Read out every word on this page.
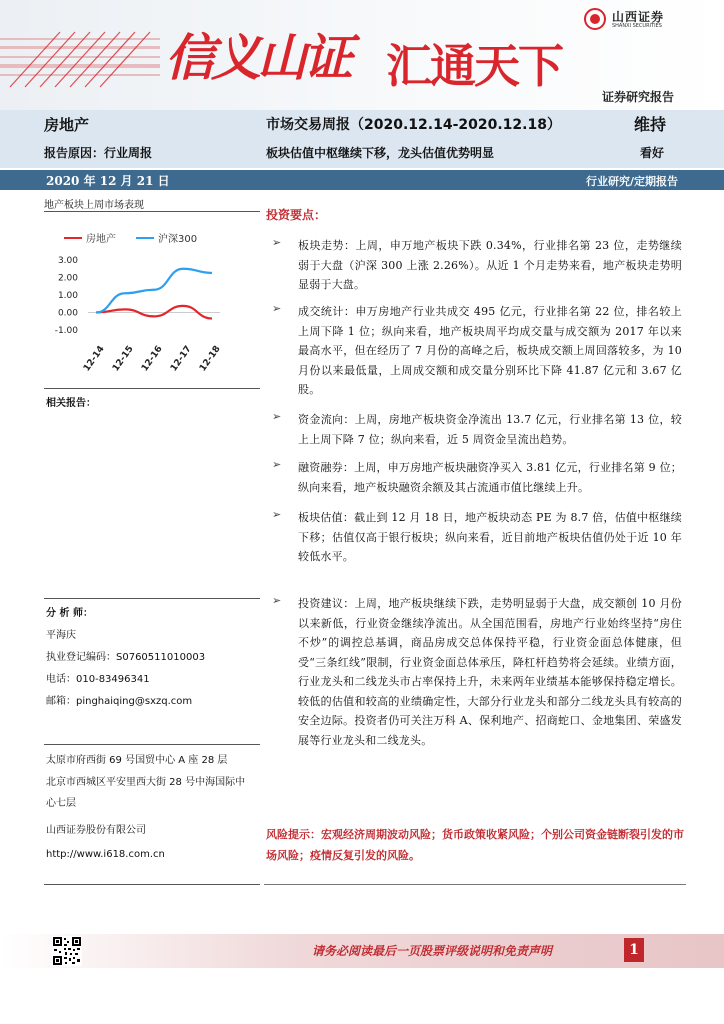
信义山证 汇通天下
山西证券
SHANXI SECURITIES
证券研究报告
房地产
报告原因：行业周报
市场交易周报（2020.12.14-2020.12.18）
板块估值中枢继续下移，龙头估值优势明显
维持
看好
2020 年 12 月 21 日	行业研究/定期报告
地产板块上周市场表现
房地产	沪深300
3.00
2.00
1.00
0.00
-1.00
12-14 12-15 12-16 12-17 12-18
相关报告：
分 析 师：
平海庆
执业登记编码：S0760511010003
电话：010-83496341
邮箱：pinghaiqing@sxzq.com
太原市府西街 69 号国贸中心 A 座 28 层
北京市西城区平安里西大街 28 号中海国际中心七层
山西证券股份有限公司
http://www.i618.com.cn
投资要点：
➢ 板块走势：上周，申万地产板块下跌 0.34%，行业排名第 23 位，走势继续弱于大盘（沪深 300 上涨 2.26%）。从近 1 个月走势来看，地产板块走势明显弱于大盘。
➢ 成交统计：申万房地产行业共成交 495 亿元，行业排名第 22 位，排名较上上周下降 1 位；纵向来看，地产板块周平均成交量与成交额为 2017 年以来最高水平，但在经历了 7 月份的高峰之后，板块成交额上周回落较多，为 10 月份以来最低量，上周成交额和成交量分别环比下降 41.87 亿元和 3.67 亿股。
➢ 资金流向：上周，房地产板块资金净流出 13.7 亿元，行业排名第 13 位，较上上周下降 7 位；纵向来看，近 5 周资金呈流出趋势。
➢ 融资融券：上周，申万房地产板块融资净买入 3.81 亿元，行业排名第 9 位；纵向来看，地产板块融资余额及其占流通市值比继续上升。
➢ 板块估值：截止到 12 月 18 日，地产板块动态 PE 为 8.7 倍，估值中枢继续下移；估值仅高于银行板块；纵向来看，近目前地产板块估值仍处于近 10 年较低水平。
➢ 投资建议：上周，地产板块继续下跌，走势明显弱于大盘，成交额创 10 月份以来新低，行业资金继续净流出。从全国范围看，房地产行业始终坚持“房住不炒”的调控总基调，商品房成交总体保持平稳，行业资金面总体健康，但受“三条红线”限制，行业资金面总体承压，降杠杆趋势将会延续。业绩方面，行业龙头和二线龙头市占率保持上升，未来两年业绩基本能够保持稳定增长。较低的估值和较高的业绩确定性，大部分行业龙头和部分二线龙头具有较高的安全边际。投资者仍可关注万科 A、保利地产、招商蛇口、金地集团、荣盛发展等行业龙头和二线龙头。
风险提示：宏观经济周期波动风险；货币政策收紧风险；个别公司资金链断裂引发的市场风险；疫情反复引发的风险。
请务必阅读最后一页股票评级说明和免责声明	1
